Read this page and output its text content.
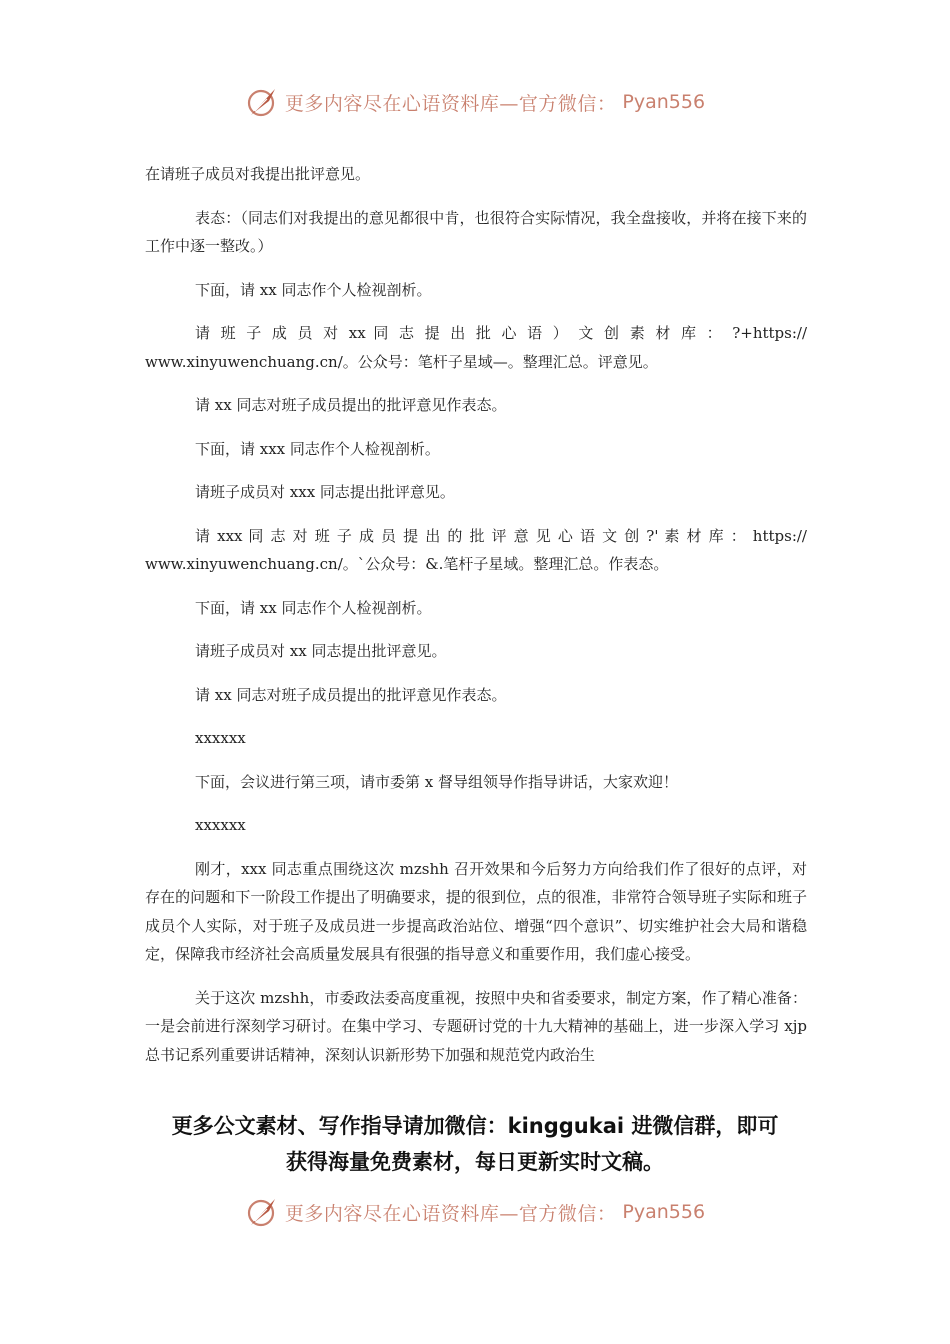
更多内容尽在心语资料库—官方微信： Pyan556

在请班子成员对我提出批评意见。

表态：（同志们对我提出的意见都很中肯，也很符合实际情况，我全盘接收，并将在接下来的工作中逐一整改。）

下面，请 xx 同志作个人检视剖析。

请 班 子 成 员 对 xx 同 志 提 出 批 心 语 ） 文 创 素 材 库 ： ?+https://

www.xinyuwenchuang.cn/。公众号：笔杆子星域—。整理汇总。评意见。

请 xx 同志对班子成员提出的批评意见作表态。

下面，请 xxx 同志作个人检视剖析。

请班子成员对 xxx 同志提出批评意见。

请 xxx 同 志 对 班 子 成 员 提 出 的 批 评 意 见 心 语 文 创 ?' 素 材 库 ： https://

www.xinyuwenchuang.cn/。`公众号：&.笔杆子星域。整理汇总。作表态。

下面，请 xx 同志作个人检视剖析。

请班子成员对 xx 同志提出批评意见。

请 xx 同志对班子成员提出的批评意见作表态。

xxxxxx

下面，会议进行第三项，请市委第 x 督导组领导作指导讲话，大家欢迎！

xxxxxx

刚才，xxx 同志重点围绕这次 mzshh 召开效果和今后努力方向给我们作了很好的点评，对存在的问题和下一阶段工作提出了明确要求，提的很到位，点的很准，非常符合领导班子实际和班子成员个人实际，对于班子及成员进一步提高政治站位、增强“四个意识”、切实维护社会大局和谐稳定，保障我市经济社会高质量发展具有很强的指导意义和重要作用，我们虚心接受。

关于这次 mzshh，市委政法委高度重视，按照中央和省委要求，制定方案，作了精心准备：一是会前进行深刻学习研讨。在集中学习、专题研讨党的十九大精神的基础上，进一步深入学习 xjp 总书记系列重要讲话精神，深刻认识新形势下加强和规范党内政治生

更多公文素材、写作指导请加微信：kinggukai 进微信群，即可
获得海量免费素材，每日更新实时文稿。
更多内容尽在心语资料库—官方微信： Pyan556
